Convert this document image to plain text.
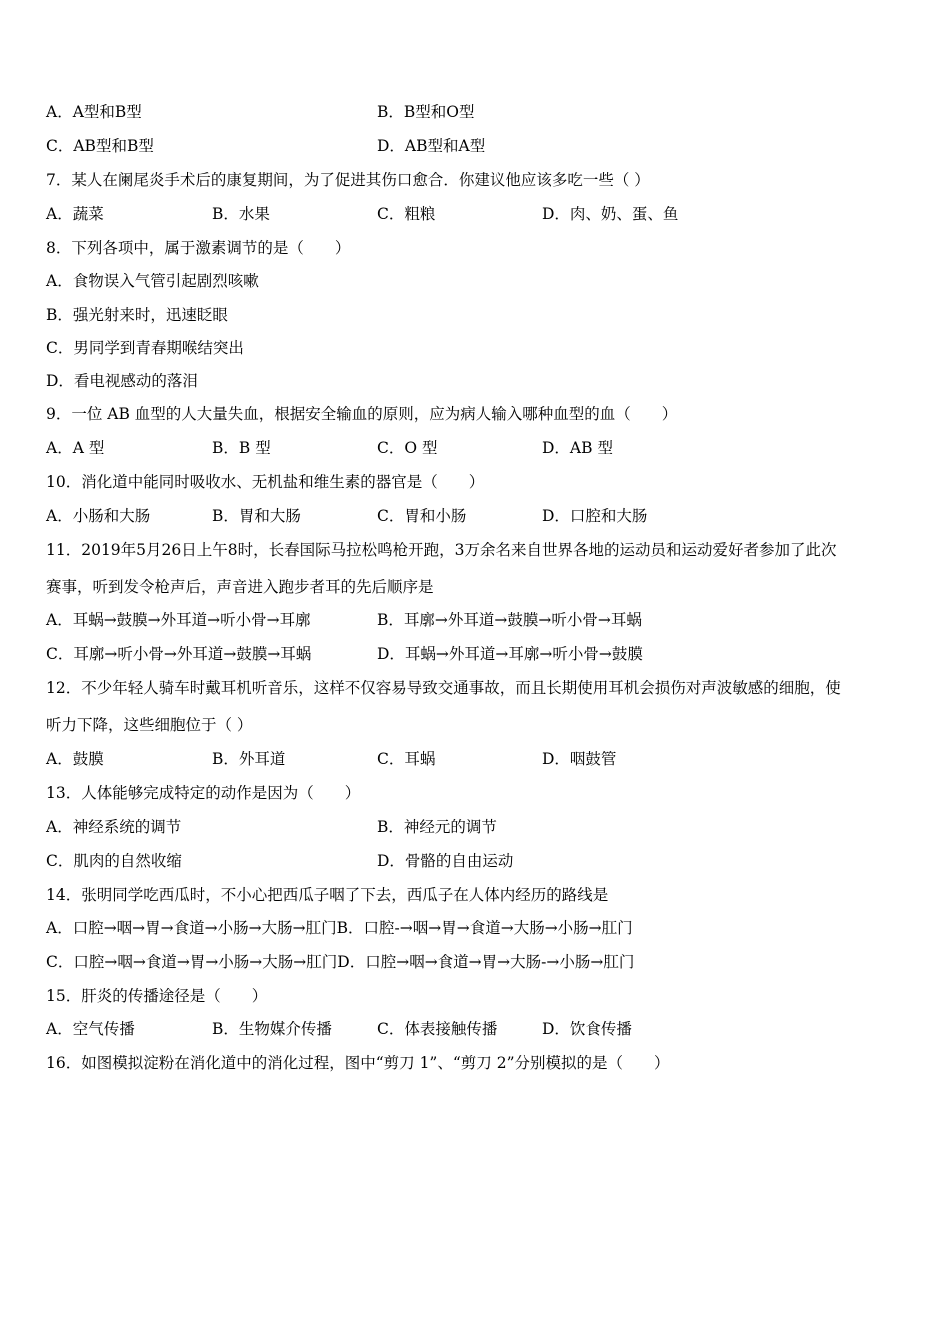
A．A型和B型	B．B型和O型
C．AB型和B型	D．AB型和A型
7．某人在阑尾炎手术后的康复期间，为了促进其伤口愈合．你建议他应该多吃一些（ ）
A．蔬菜	B．水果	C．粗粮	D．肉、奶、蛋、鱼
8．下列各项中，属于激素调节的是（　　）
A．食物误入气管引起剧烈咳嗽
B．强光射来时，迅速眨眼
C．男同学到青春期喉结突出
D．看电视感动的落泪
9．一位 AB 血型的人大量失血，根据安全输血的原则，应为病人输入哪种血型的血（　　）
A．A 型	B．B 型	C．O 型	D．AB 型
10．消化道中能同时吸收水、无机盐和维生素的器官是（　　）
A．小肠和大肠	B．胃和大肠	C．胃和小肠	D．口腔和大肠
11．2019年5月26日上午8时，长春国际马拉松鸣枪开跑，3万余名来自世界各地的运动员和运动爱好者参加了此次
赛事，听到发令枪声后，声音进入跑步者耳的先后顺序是
A．耳蜗→鼓膜→外耳道→听小骨→耳廓	B．耳廓→外耳道→鼓膜→听小骨→耳蜗
C．耳廓→听小骨→外耳道→鼓膜→耳蜗	D．耳蜗→外耳道→耳廓→听小骨→鼓膜
12．不少年轻人骑车时戴耳机听音乐，这样不仅容易导致交通事故，而且长期使用耳机会损伤对声波敏感的细胞，使
听力下降，这些细胞位于（ ）
A．鼓膜	B．外耳道	C．耳蜗	D．咽鼓管
13．人体能够完成特定的动作是因为（　　）
A．神经系统的调节	B．神经元的调节
C．肌肉的自然收缩	D．骨骼的自由运动
14．张明同学吃西瓜时，不小心把西瓜子咽了下去，西瓜子在人体内经历的路线是
A．口腔→咽→胃→食道→小肠→大肠→肛门B．口腔-→咽→胃→食道→大肠→小肠→肛门
C．口腔→咽→食道→胃→小肠→大肠→肛门D．口腔→咽→食道→胃→大肠-→小肠→肛门
15．肝炎的传播途径是（　　）
A．空气传播	B．生物媒介传播	C．体表接触传播	D．饮食传播
16．如图模拟淀粉在消化道中的消化过程，图中“剪刀 1”、“剪刀 2”分别模拟的是（　　）
